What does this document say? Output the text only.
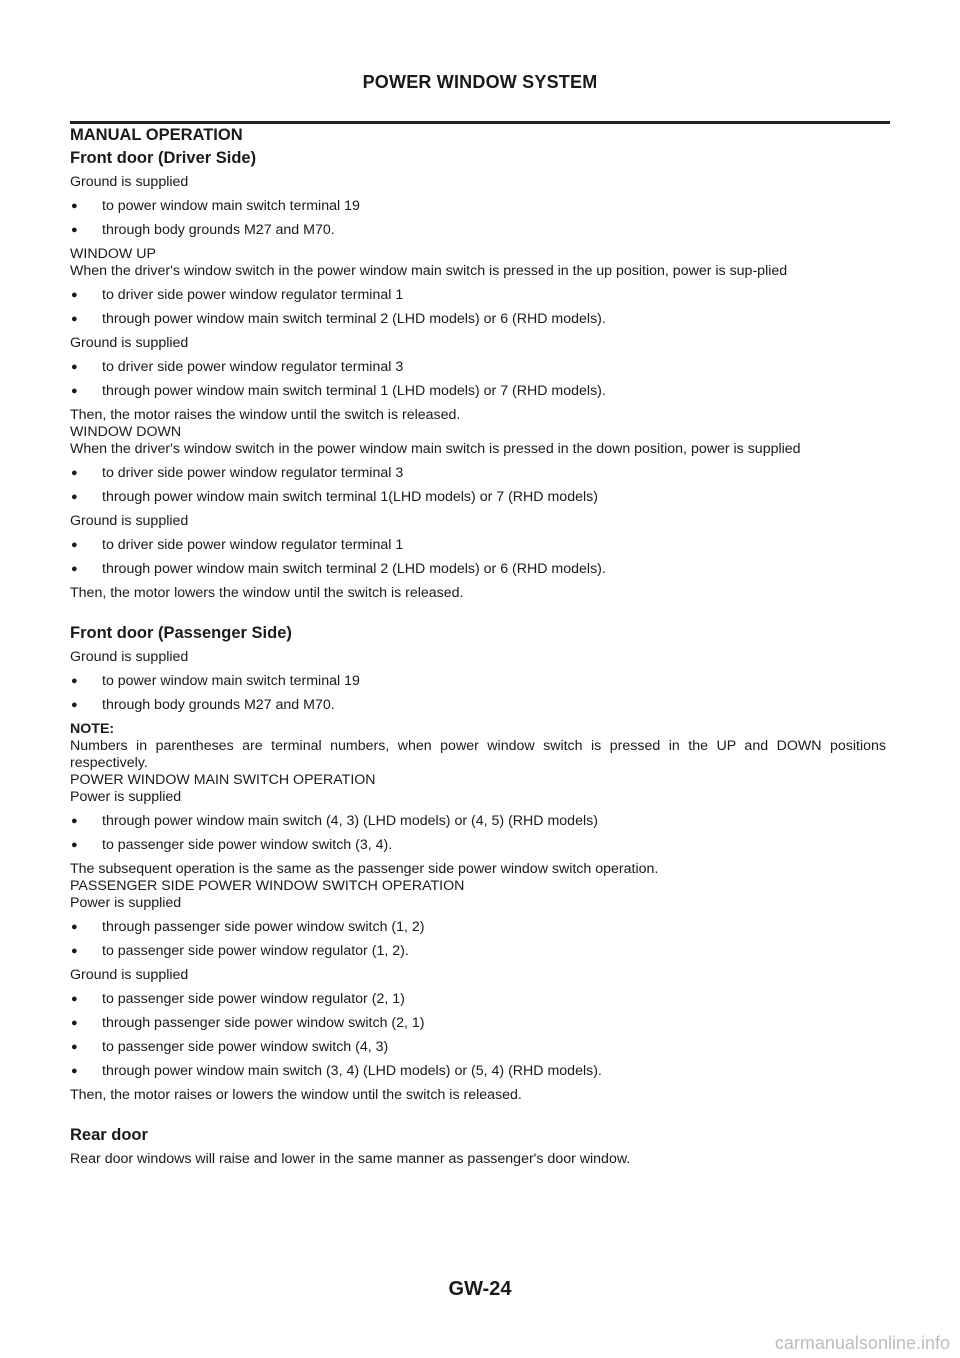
POWER WINDOW SYSTEM
MANUAL OPERATION
Front door (Driver Side)
Ground is supplied
● to power window main switch terminal 19
● through body grounds M27 and M70.
WINDOW UP
When the driver's window switch in the power window main switch is pressed in the up position, power is sup-plied
● to driver side power window regulator terminal 1
● through power window main switch terminal 2 (LHD models) or 6 (RHD models).
Ground is supplied
● to driver side power window regulator terminal 3
● through power window main switch terminal 1 (LHD models) or 7 (RHD models).
Then, the motor raises the window until the switch is released.
WINDOW DOWN
When the driver's window switch in the power window main switch is pressed in the down position, power is supplied
● to driver side power window regulator terminal 3
● through power window main switch terminal 1(LHD models) or 7 (RHD models)
Ground is supplied
● to driver side power window regulator terminal 1
● through power window main switch terminal 2 (LHD models) or 6 (RHD models).
Then, the motor lowers the window until the switch is released.
Front door (Passenger Side)
Ground is supplied
● to power window main switch terminal 19
● through body grounds M27 and M70.
NOTE:
Numbers in parentheses are terminal numbers, when power window switch is pressed in the UP and DOWN positions respectively.
POWER WINDOW MAIN SWITCH OPERATION
Power is supplied
● through power window main switch (4, 3) (LHD models) or (4, 5) (RHD models)
● to passenger side power window switch (3, 4).
The subsequent operation is the same as the passenger side power window switch operation.
PASSENGER SIDE POWER WINDOW SWITCH OPERATION
Power is supplied
● through passenger side power window switch (1, 2)
● to passenger side power window regulator (1, 2).
Ground is supplied
● to passenger side power window regulator (2, 1)
● through passenger side power window switch (2, 1)
● to passenger side power window switch (4, 3)
● through power window main switch (3, 4) (LHD models) or (5, 4) (RHD models).
Then, the motor raises or lowers the window until the switch is released.
Rear door
Rear door windows will raise and lower in the same manner as passenger's door window.
GW-24
carmanualsonline.info
